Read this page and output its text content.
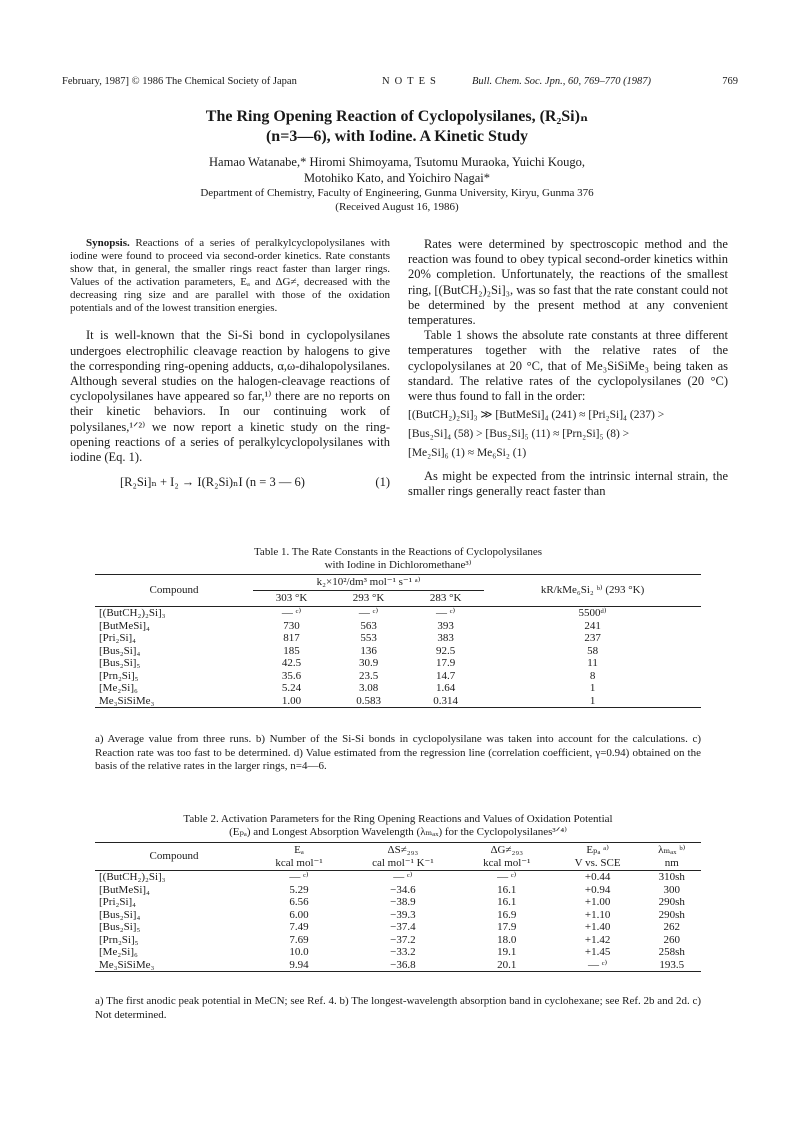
February, 1987] © 1986 The Chemical Society of Japan	NOTES	Bull. Chem. Soc. Jpn., 60, 769–770 (1987)	769
The Ring Opening Reaction of Cyclopolysilanes, (R₂Si)ₙ
(n=3—6), with Iodine. A Kinetic Study
Hamao Watanabe,* Hiromi Shimoyama, Tsutomu Muraoka, Yuichi Kougo,
Motohiko Kato, and Yoichiro Nagai*
Department of Chemistry, Faculty of Engineering, Gunma University, Kiryu, Gunma 376
(Received August 16, 1986)

Synopsis. Reactions of a series of peralkylcyclopolysilanes with iodine were found to proceed via second-order kinetics. Rate constants show that, in general, the smaller rings react faster than larger rings. Values of the activation parameters, Eₐ and ΔG≠, decreased with the decreasing ring size and are parallel with those of the oxidation potentials and of the lowest transition energies.

It is well-known that the Si-Si bond in cyclopolysilanes undergoes electrophilic cleavage reaction by halogens to give the corresponding ring-opening adducts, α,ω-dihalopolysilanes. Although several studies on the halogen-cleavage reactions of cyclopolysilanes have appeared so far,¹⁾ there are no reports on their kinetic behaviors. In our continuing work of polysilanes,¹ᐟ²⁾ we now report a kinetic study on the ring-opening reactions of a series of peralkylcyclopolysilanes with iodine (Eq. 1).

[R₂Si]ₙ + I₂ → I(R₂Si)ₙI (n = 3 — 6)	(1)

Rates were determined by spectroscopic method and the reaction was found to obey typical second-order kinetics within 20% completion. Unfortunately, the reactions of the smallest ring, [(ButCH₂)₂Si]₃, was so fast that the rate constant could not be determined by the present method at any convenient temperatures.

Table 1 shows the absolute rate constants at three different temperatures together with the relative rates of the cyclopolysilanes at 20 °C, that of Me₃SiSiMe₃ being taken as standard. The relative rates of the cyclopolysilanes (20 °C) were thus found to fall in the order:

[(ButCH₂)₂Si]₃ ≫ [ButMeSi]₄ (241) ≈ [Pri₂Si]₄ (237) >
[Bus₂Si]₄ (58) > [Bus₂Si]₅ (11) ≈ [Prn₂Si]₅ (8) >
[Me₂Si]₆ (1) ≈ Me₆Si₂ (1)

As might be expected from the intrinsic internal strain, the smaller rings generally react faster than

Table 1. The Rate Constants in the Reactions of Cyclopolysilanes
with Iodine in Dichloromethane³⁾
Compound	k₂×10²/dm³ mol⁻¹ s⁻¹ ᵃ⁾			kR/kMe₆Si₂ ᵇ⁾ (293 °K)
	303 °K	293 °K	283 °K	
[(ButCH₂)₂Si]₃	— ᶜ⁾	— ᶜ⁾	— ᶜ⁾	5500ᵈ⁾
[ButMeSi]₄	730	563	393	241
[Pri₂Si]₄	817	553	383	237
[Bus₂Si]₄	185	136	92.5	58
[Bus₂Si]₅	42.5	30.9	17.9	11
[Prn₂Si]₅	35.6	23.5	14.7	8
[Me₂Si]₆	5.24	3.08	1.64	1
Me₃SiSiMe₃	1.00	0.583	0.314	1
a) Average value from three runs. b) Number of the Si-Si bonds in cyclopolysilane was taken into account for the calculations. c) Reaction rate was too fast to be determined. d) Value estimated from the regression line (correlation coefficient, γ=0.94) obtained on the basis of the relative rates in the larger rings, n=4—6.
Table 2. Activation Parameters for the Ring Opening Reactions and Values of Oxidation Potential
(Eₚₐ) and Longest Absorption Wavelength (λₘₐₓ) for the Cyclopolysilanes³ᐟ⁴⁾
Compound	Eₐ	ΔS≠₂₉₃	ΔG≠₂₉₃	Eₚₐ ᵃ⁾	λₘₐₓ ᵇ⁾
	kcal mol⁻¹	cal mol⁻¹ K⁻¹	kcal mol⁻¹	V vs. SCE	nm
[(ButCH₂)₂Si]₃	— ᶜ⁾	— ᶜ⁾	— ᶜ⁾	+0.44	310sh
[ButMeSi]₄	5.29	−34.6	16.1	+0.94	300
[Pri₂Si]₄	6.56	−38.9	16.1	+1.00	290sh
[Bus₂Si]₄	6.00	−39.3	16.9	+1.10	290sh
[Bus₂Si]₅	7.49	−37.4	17.9	+1.40	262
[Prn₂Si]₅	7.69	−37.2	18.0	+1.42	260
[Me₂Si]₆	10.0	−33.2	19.1	+1.45	258sh
Me₃SiSiMe₃	9.94	−36.8	20.1	— ᶜ⁾	193.5
a) The first anodic peak potential in MeCN; see Ref. 4. b) The longest-wavelength absorption band in cyclohexane; see Ref. 2b and 2d. c) Not determined.
